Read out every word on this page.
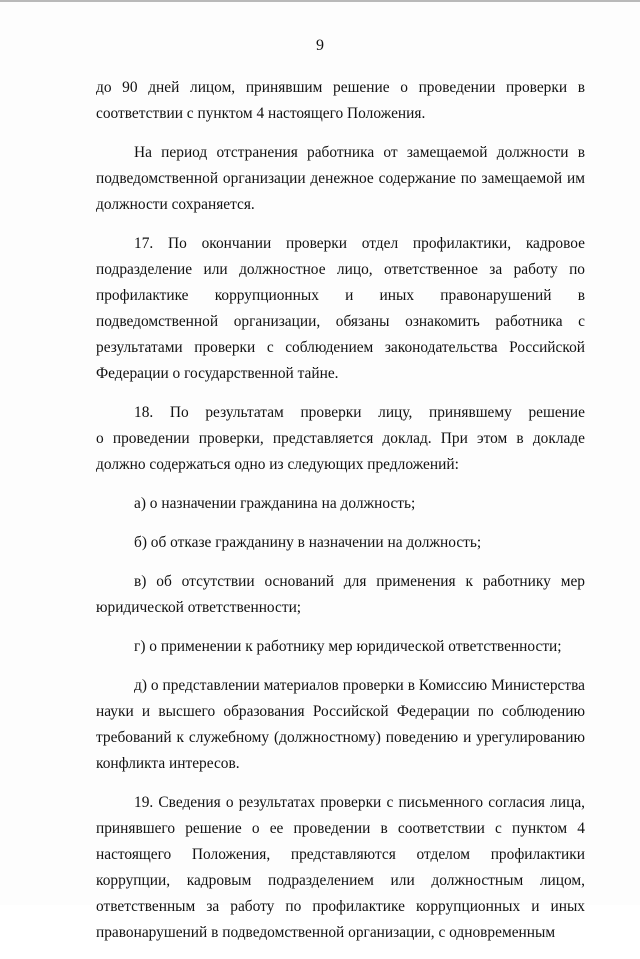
9
до 90 дней лицом, принявшим решение о проведении проверки в
соответствии с пунктом 4 настоящего Положения.
На период отстранения работника от замещаемой должности в
подведомственной организации денежное содержание по замещаемой им
должности сохраняется.
17. По окончании проверки отдел профилактики, кадровое
подразделение или должностное лицо, ответственное за работу по
профилактике коррупционных и иных правонарушений в
подведомственной организации, обязаны ознакомить работника с
результатами проверки с соблюдением законодательства Российской
Федерации о государственной тайне.
18. По результатам проверки лицу, принявшему решение
о проведении проверки, представляется доклад. При этом в докладе
должно содержаться одно из следующих предложений:
а) о назначении гражданина на должность;
б) об отказе гражданину в назначении на должность;
в) об отсутствии оснований для применения к работнику мер
юридической ответственности;
г) о применении к работнику мер юридической ответственности;
д) о представлении материалов проверки в Комиссию Министерства
науки и высшего образования Российской Федерации по соблюдению
требований к служебному (должностному) поведению и урегулированию
конфликта интересов.
19. Сведения о результатах проверки с письменного согласия лица,
принявшего решение о ее проведении в соответствии с пунктом 4
настоящего Положения, представляются отделом профилактики
коррупции, кадровым подразделением или должностным лицом,
ответственным за работу по профилактике коррупционных и иных
правонарушений в подведомственной организации, с одновременным
